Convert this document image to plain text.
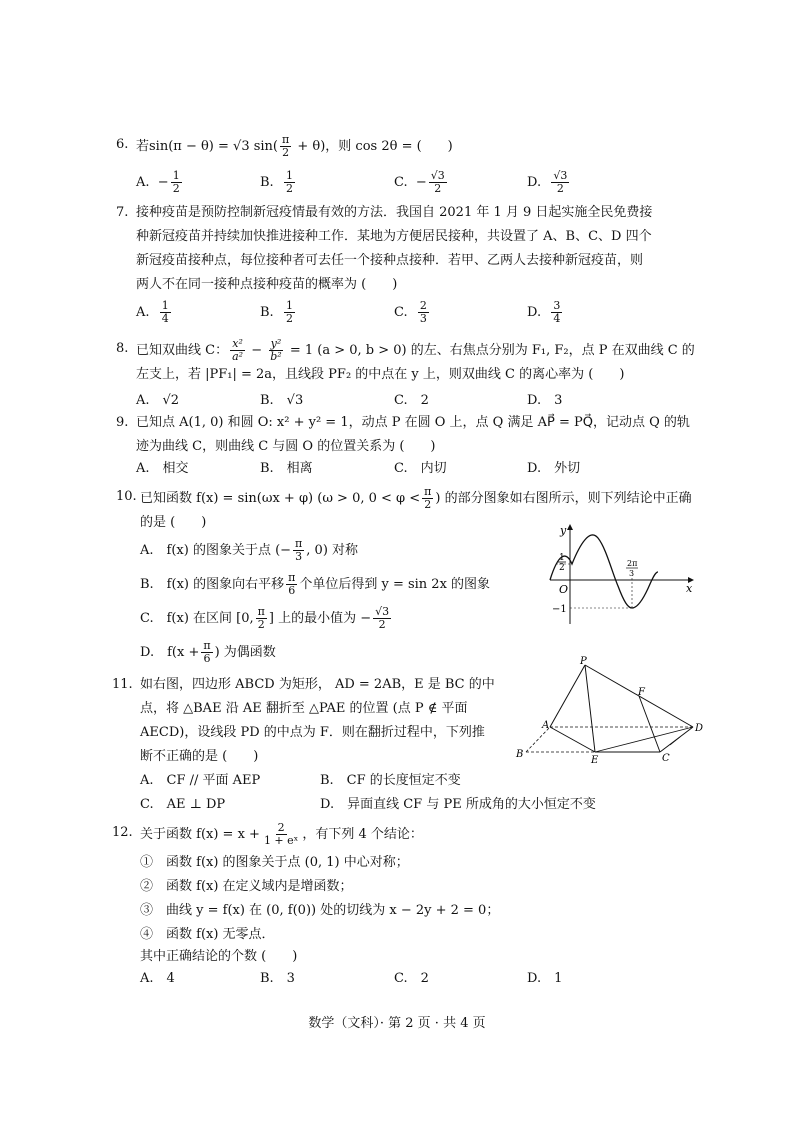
6. 若sin(π − θ) = √3 $\sin( \frac{\pi}{2} + \theta)$，则 cos 2θ = (　　)
A. − $\frac{1}{2}$	B. $\frac{1}{2}$	C. − $\frac{√3}{2}$	D. $\frac{√3}{2}$
7. 接种疫苗是预防控制新冠疫情最有效的方法．我国自 2021 年 1 月 9 日起实施全民免费接
种新冠疫苗并持续加快推进接种工作．某地为方便居民接种，共设置了 A、B、C、D 四个
新冠疫苗接种点，每位接种者可去任一个接种点接种．若甲、乙两人去接种新冠疫苗，则
两人不在同一接种点接种疫苗的概率为 (　　)
A. $\frac{1}{4}$	B. $\frac{1}{2}$	C. $\frac{2}{3}$	D. $\frac{3}{4}$
8. 已知双曲线 C： $\frac{\text{x²}}{\text{a²}} - \frac{\text{y²}}{\text{b²}} = 1$ (a > 0, b > 0) 的左、右焦点分别为 F₁, F₂，点 P 在双曲线 C 的
左支上，若 |PF₁| = 2a，且线段 PF₂ 的中点在 y 上，则双曲线 C 的离心率为 (　　)
A.　√2	B.　√3	C.　2	D.　3
9. 已知点 A(1, 0) 和圆 O: x² + y² = 1，动点 P 在圆 O 上，点 Q 满足 AP⃗ = PQ⃗，记动点 Q 的轨
迹为曲线 C，则曲线 C 与圆 O 的位置关系为 (　　)
A.　相交	B.　相离	C.　内切	D.　外切
10. 已知函数 f(x) = sin(ωx + φ) (ω > 0, $0 < \varphi < \frac{\pi}{2}$ ) 的部分图象如右图所示，则下列结论中正确
的是 (　　)
A.　f(x) 的图象关于点 (− $\frac{\pi}{3}$ , 0) 对称
B.　f(x) 的图象向右平移 $\frac{\pi}{6}$ 个单位后得到 y = sin 2x 的图象
C.　f(x) 在区间 [0, $\frac{\pi}{2}$ ] 上的最小值为 − $\frac{√3}{2}$
D.　$f(x + \frac{\pi}{6}$ ) 为偶函数
y
x
O
1
2
−1
2π
3
11. 如右图，四边形 ABCD 为矩形， AD = 2AB，E 是 BC 的中
点，将 △BAE 沿 AE 翻折至 △PAE 的位置 (点 P ∉ 平面
AECD)，设线段 PD 的中点为 F．则在翻折过程中，下列推
断不正确的是 (　　)
A.　CF // 平面 AEP	B.　CF 的长度恒定不变
C.　AE ⊥ DP	D.　异面直线 CF 与 PE 所成角的大小恒定不变
P
F
A	D
B
E	C
12. 关于函数 $f(x) = x + \frac{2}{\text{1 + eˣ}}$ ，有下列 4 个结论：
①　函数 f(x) 的图象关于点 (0, 1) 中心对称；
②　函数 f(x) 在定义域内是增函数；
③　曲线 y = f(x) 在 (0, f(0)) 处的切线为 x − 2y + 2 = 0；
④　函数 f(x) 无零点．
其中正确结论的个数 (　　)
A.　4	B.　3	C.　2	D.　1
数学（文科）· 第 2 页 · 共 4 页
